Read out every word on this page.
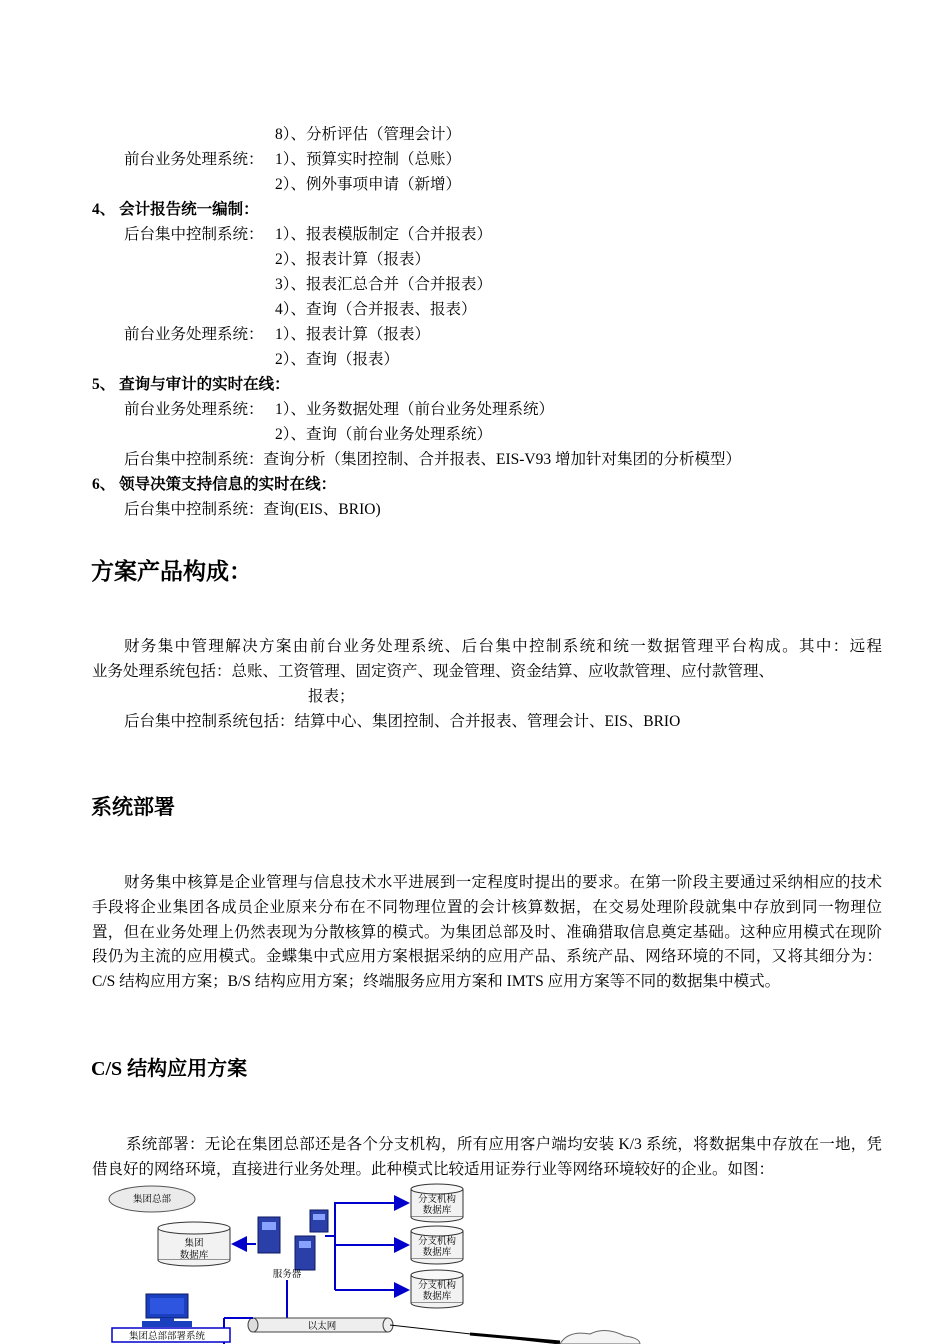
8）、分析评估（管理会计）
前台业务处理系统： 1）、预算实时控制（总账）
2）、例外事项申请（新增）
4、 会计报告统一编制：
后台集中控制系统： 1）、报表模版制定（合并报表）
2）、报表计算（报表）
3）、报表汇总合并（合并报表）
4）、查询（合并报表、报表）
前台业务处理系统： 1）、报表计算（报表）
2）、查询（报表）
5、 查询与审计的实时在线：
前台业务处理系统： 1）、业务数据处理（前台业务处理系统）
2）、查询（前台业务处理系统）
后台集中控制系统：查询分析（集团控制、合并报表、EIS-V93 增加针对集团的分析模型）
6、 领导决策支持信息的实时在线：
后台集中控制系统：查询(EIS、BRIO)
方案产品构成：
财务集中管理解决方案由前台业务处理系统、后台集中控制系统和统一数据管理平台构成。其中：远程
业务处理系统包括：总账、工资管理、固定资产、现金管理、资金结算、应收款管理、应付款管理、
报表；
后台集中控制系统包括：结算中心、集团控制、合并报表、管理会计、EIS、BRIO
系统部署
财务集中核算是企业管理与信息技术水平进展到一定程度时提出的要求。在第一阶段主要通过采纳相应的技术手段将企业集团各成员企业原来分布在不同物理位置的会计核算数据，在交易处理阶段就集中存放到同一物理位置，但在业务处理上仍然表现为分散核算的模式。为集团总部及时、准确猎取信息奠定基础。这种应用模式在现阶段仍为主流的应用模式。金蝶集中式应用方案根据采纳的应用产品、系统产品、网络环境的不同，又将其细分为：C/S 结构应用方案；B/S 结构应用方案；终端服务应用方案和 IMTS 应用方案等不同的数据集中模式。
C/S 结构应用方案
系统部署：无论在集团总部还是各个分支机构，所有应用客户端均安装 K/3 系统，将数据集中存放在一地，凭借良好的网络环境，直接进行业务处理。此种模式比较适用证券行业等网络环境较好的企业。如图：
集团总部
集团
数据库
服务器
分支机构
数据库
分支机构
数据库
分支机构
数据库
以太网
集团总部部署系统
